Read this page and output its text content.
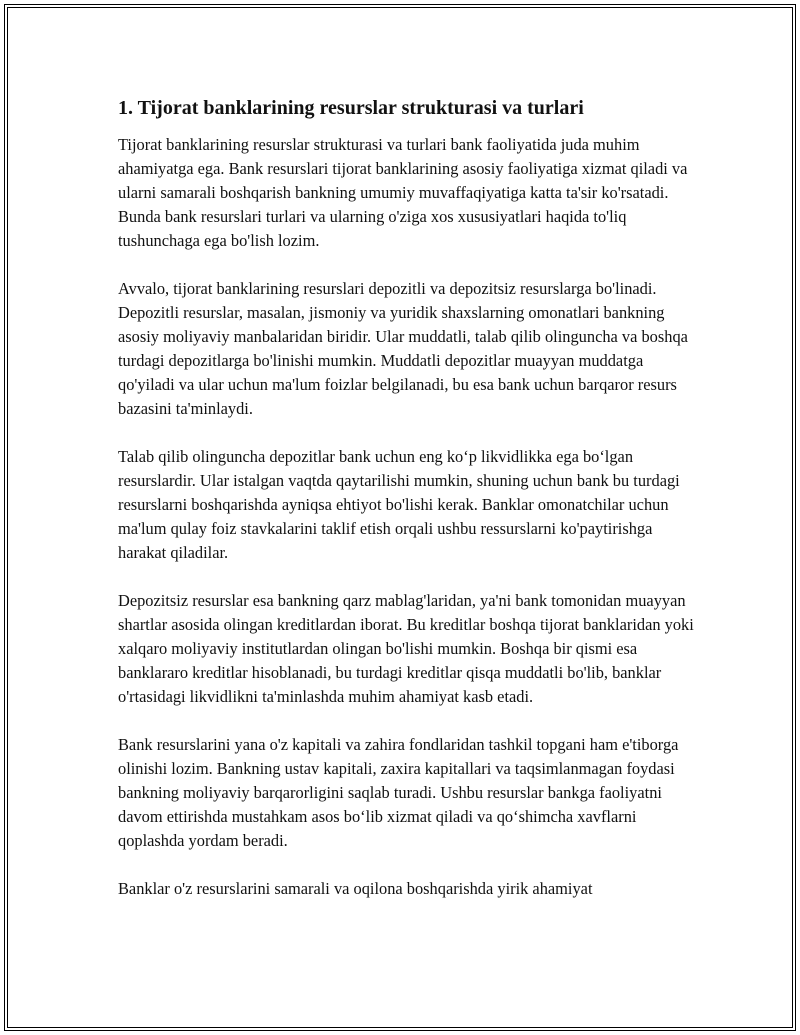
1. Tijorat banklarining resurslar strukturasi va turlari

Tijorat banklarining resurslar strukturasi va turlari bank faoliyatida juda muhim ahamiyatga ega. Bank resurslari tijorat banklarining asosiy faoliyatiga xizmat qiladi va ularni samarali boshqarish bankning umumiy muvaffaqiyatiga katta ta'sir ko'rsatadi. Bunda bank resurslari turlari va ularning o'ziga xos xususiyatlari haqida to'liq tushunchaga ega bo'lish lozim.

Avvalo, tijorat banklarining resurslari depozitli va depozitsiz resurslarga bo'linadi. Depozitli resurslar, masalan, jismoniy va yuridik shaxslarning omonatlari bankning asosiy moliyaviy manbalaridan biridir. Ular muddatli, talab qilib olinguncha va boshqa turdagi depozitlarga bo'linishi mumkin. Muddatli depozitlar muayyan muddatga qo'yiladi va ular uchun ma'lum foizlar belgilanadi, bu esa bank uchun barqaror resurs bazasini ta'minlaydi.

Talab qilib olinguncha depozitlar bank uchun eng ko‘p likvidlikka ega bo‘lgan resurslardir. Ular istalgan vaqtda qaytarilishi mumkin, shuning uchun bank bu turdagi resurslarni boshqarishda ayniqsa ehtiyot bo'lishi kerak. Banklar omonatchilar uchun ma'lum qulay foiz stavkalarini taklif etish orqali ushbu ressurslarni ko'paytirishga harakat qiladilar.

Depozitsiz resurslar esa bankning qarz mablag'laridan, ya'ni bank tomonidan muayyan shartlar asosida olingan kreditlardan iborat. Bu kreditlar boshqa tijorat banklaridan yoki xalqaro moliyaviy institutlardan olingan bo'lishi mumkin. Boshqa bir qismi esa banklararo kreditlar hisoblanadi, bu turdagi kreditlar qisqa muddatli bo'lib, banklar o'rtasidagi likvidlikni ta'minlashda muhim ahamiyat kasb etadi.

Bank resurslarini yana o'z kapitali va zahira fondlaridan tashkil topgani ham e'tiborga olinishi lozim. Bankning ustav kapitali, zaxira kapitallari va taqsimlanmagan foydasi bankning moliyaviy barqarorligini saqlab turadi. Ushbu resurslar bankga faoliyatni davom ettirishda mustahkam asos bo‘lib xizmat qiladi va qo‘shimcha xavflarni qoplashda yordam beradi.

Banklar o'z resurslarini samarali va oqilona boshqarishda yirik ahamiyat
